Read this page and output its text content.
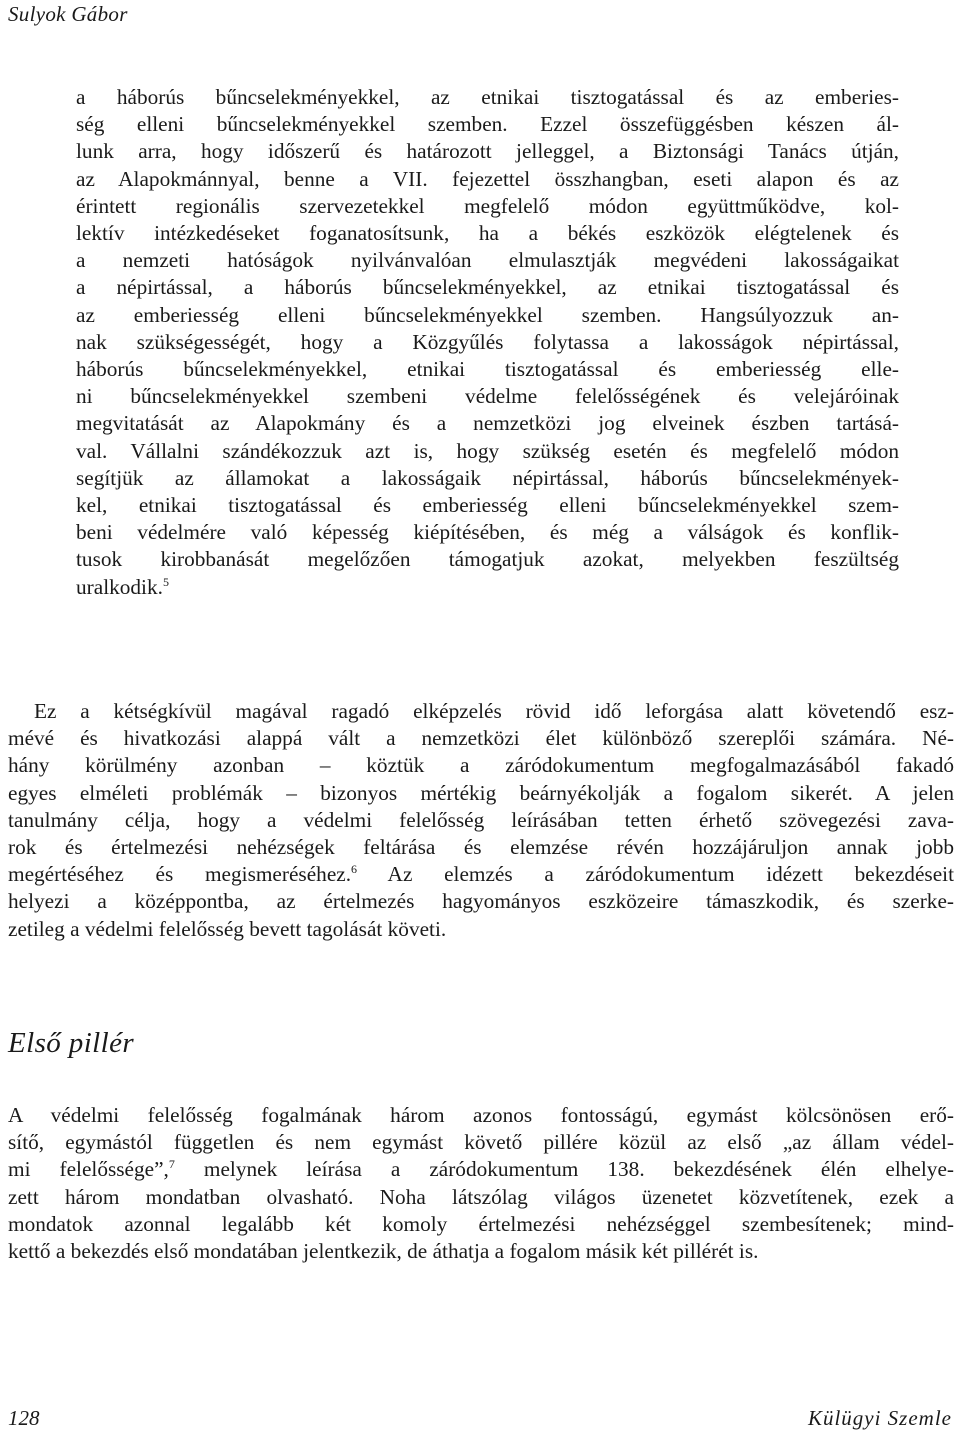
Sulyok Gábor
a háborús bűncselekményekkel, az etnikai tisztogatással és az emberies-
ség elleni bűncselekményekkel szemben. Ezzel összefüggésben készen ál-
lunk arra, hogy időszerű és határozott jelleggel, a Biztonsági Tanács útján,
az Alapokmánnyal, benne a VII. fejezettel összhangban, eseti alapon és az
érintett regionális szervezetekkel megfelelő módon együttműködve, kol-
lektív intézkedéseket foganatosítsunk, ha a békés eszközök elégtelenek és
a nemzeti hatóságok nyilvánvalóan elmulasztják megvédeni lakosságaikat
a népirtással, a háborús bűncselekményekkel, az etnikai tisztogatással és
az emberiesség elleni bűncselekményekkel szemben. Hangsúlyozzuk an-
nak szükségességét, hogy a Közgyűlés folytassa a lakosságok népirtással,
háborús bűncselekményekkel, etnikai tisztogatással és emberiesség elle-
ni bűncselekményekkel szembeni védelme felelősségének és velejáróinak
megvitatását az Alapokmány és a nemzetközi jog elveinek észben tartásá-
val. Vállalni szándékozzuk azt is, hogy szükség esetén és megfelelő módon
segítjük az államokat a lakosságaik népirtással, háborús bűncselekmények-
kel, etnikai tisztogatással és emberiesség elleni bűncselekményekkel szem-
beni védelmére való képesség kiépítésében, és még a válságok és konflik-
tusok kirobbanását megelőzően támogatjuk azokat, melyekben feszültség
uralkodik.$^5$
Ez a kétségkívül magával ragadó elképzelés rövid idő leforgása alatt követendő esz-
mévé és hivatkozási alappá vált a nemzetközi élet különböző szereplői számára. Né-
hány körülmény azonban – köztük a záródokumentum megfogalmazásából fakadó
egyes elméleti problémák – bizonyos mértékig beárnyékolják a fogalom sikerét. A jelen
tanulmány célja, hogy a védelmi felelősség leírásában tetten érhető szövegezési zava-
rok és értelmezési nehézségek feltárása és elemzése révén hozzájáruljon annak jobb
megértéséhez és megismeréséhez.$^6$ Az elemzés a záródokumentum idézett bekezdéseit
helyezi a középpontba, az értelmezés hagyományos eszközeire támaszkodik, és szerke-
zetileg a védelmi felelősség bevett tagolását követi.
Első pillér
A védelmi felelősség fogalmának három azonos fontosságú, egymást kölcsönösen erő-
sítő, egymástól független és nem egymást követő pillére közül az első „az állam védel-
mi felelőssége”,$^7$ melynek leírása a záródokumentum 138. bekezdésének élén elhelye-
zett három mondatban olvasható. Noha látszólag világos üzenetet közvetítenek, ezek a
mondatok azonnal legalább két komoly értelmezési nehézséggel szembesítenek; mind-
kettő a bekezdés első mondatában jelentkezik, de áthatja a fogalom másik két pillérét is.
128	Külügyi Szemle
